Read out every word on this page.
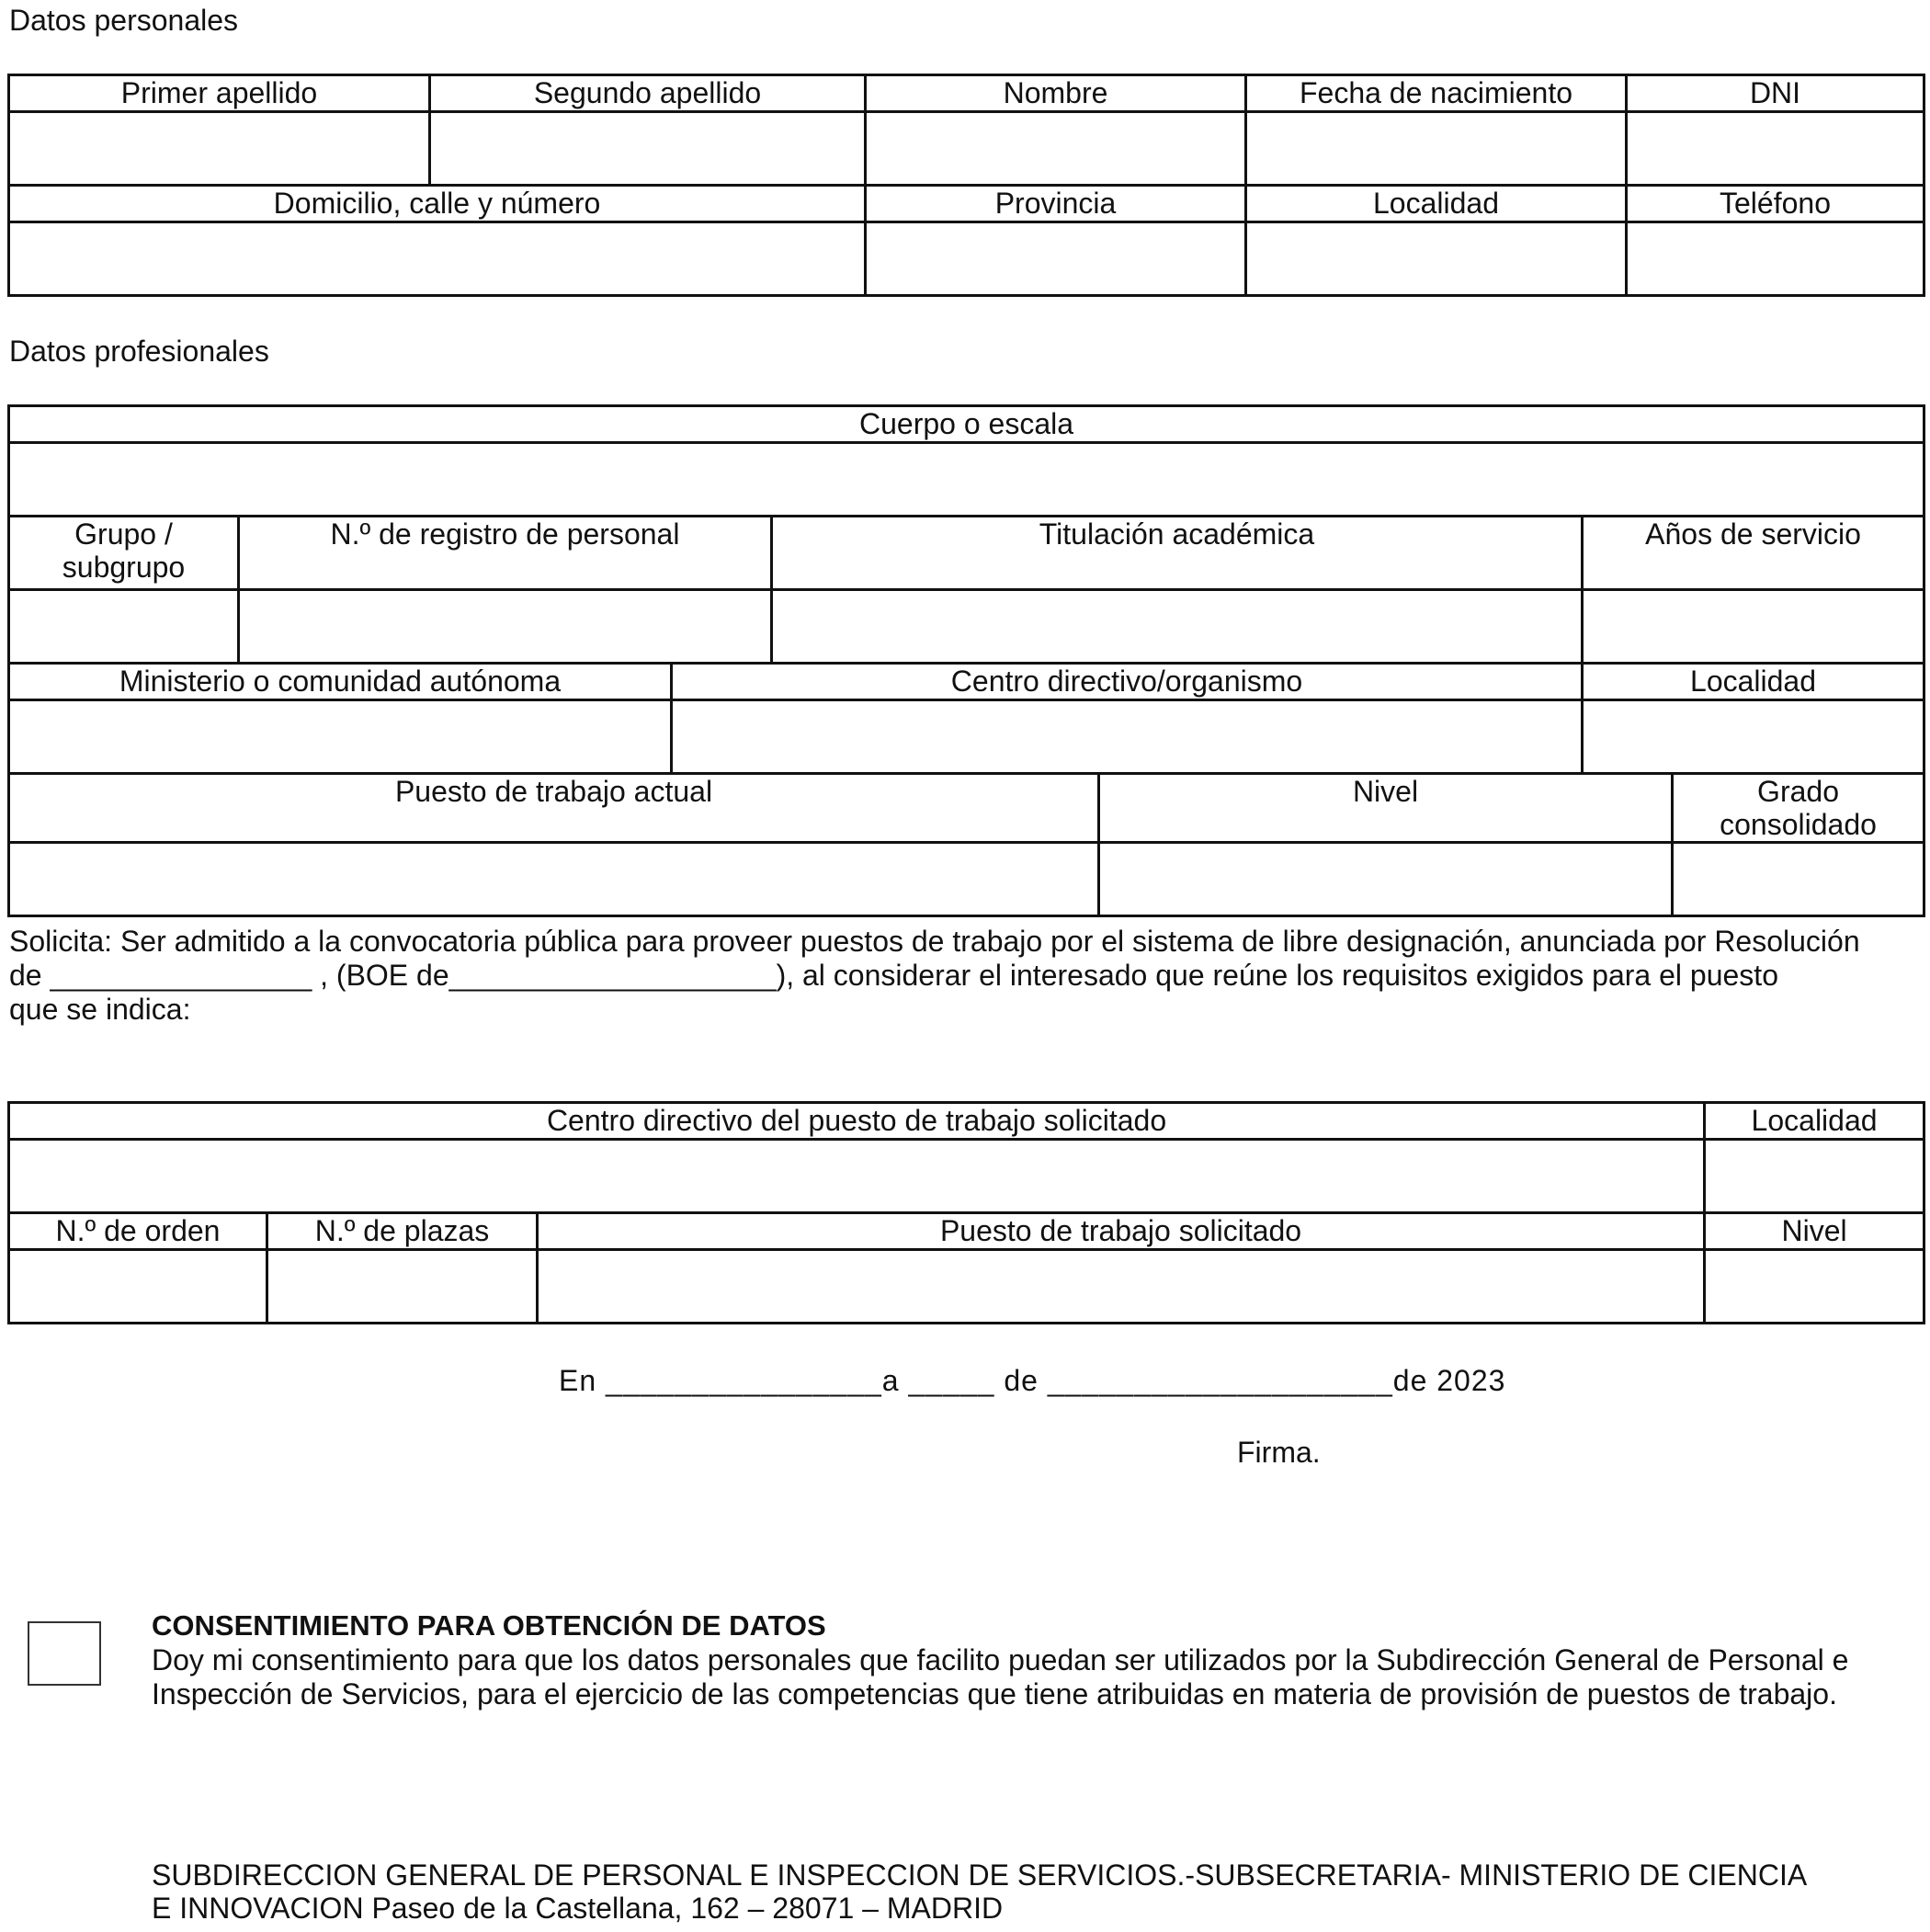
Datos personales
Primer apellido	Segundo apellido	Nombre	Fecha de nacimiento	DNI

Domicilio, calle y número		Provincia	Localidad	Teléfono

Datos profesionales
Cuerpo o escala						

Grupo / subgrupo	N.º de registro de personal		Titulación académica		Años de servicio	

Ministerio o comunidad autónoma		Centro directivo/organismo			Localidad	

Puesto de trabajo actual				Nivel		Grado consolidado

Solicita: Ser admitido a la convocatoria pública para proveer puestos de trabajo por el sistema de libre designación, anunciada por Resolución
de ________________ , (BOE de____________________), al considerar el interesado que reúne los requisitos exigidos para el puesto
que se indica:

Centro directivo del puesto de trabajo solicitado			Localidad

N.º de orden	N.º de plazas	Puesto de trabajo solicitado	Nivel

En ________________a _____ de ____________________de 2023
Firma.
CONSENTIMIENTO PARA OBTENCIÓN DE DATOS

Doy mi consentimiento para que los datos personales que facilito puedan ser utilizados por la Subdirección General de Personal e
Inspección de Servicios, para el ejercicio de las competencias que tiene atribuidas en materia de provisión de puestos de trabajo.

SUBDIRECCION GENERAL DE PERSONAL E INSPECCION DE SERVICIOS.-SUBSECRETARIA- MINISTERIO DE CIENCIA
E INNOVACION Paseo de la Castellana, 162 – 28071 – MADRID
